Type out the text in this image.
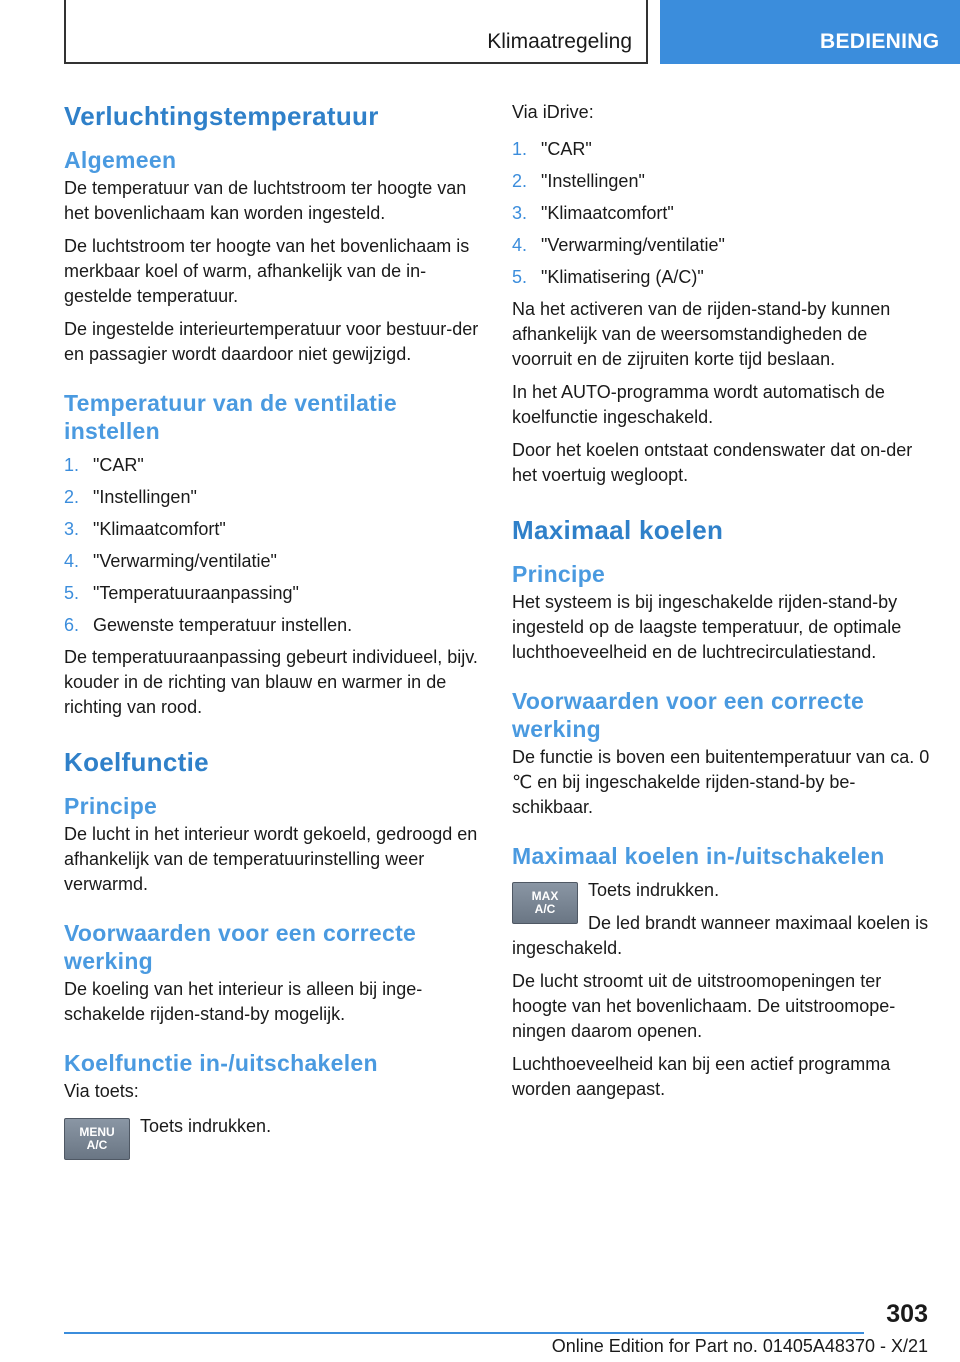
Klimaatregeling	BEDIENING
Verluchtingstemperatuur
Algemeen

De temperatuur van de luchtstroom ter hoogte van het bovenlichaam kan worden ingesteld.

De luchtstroom ter hoogte van het bovenlichaam is merkbaar koel of warm, afhankelijk van de in-gestelde temperatuur.

De ingestelde interieurtemperatuur voor bestuur-der en passagier wordt daardoor niet gewijzigd.

Temperatuur van de ventilatie instellen
1. "CAR"
2. "Instellingen"
3. "Klimaatcomfort"
4. "Verwarming/ventilatie"
5. "Temperatuuraanpassing"
6. Gewenste temperatuur instellen.

De temperatuuraanpassing gebeurt individueel, bijv. kouder in de richting van blauw en warmer in de richting van rood.

Koelfunctie
Principe

De lucht in het interieur wordt gekoeld, gedroogd en afhankelijk van de temperatuurinstelling weer verwarmd.

Voorwaarden voor een correcte werking

De koeling van het interieur is alleen bij inge-schakelde rijden-stand-by mogelijk.

Koelfunctie in-/uitschakelen

Via toets:

MENU
A/C

Toets indrukken.

Via iDrive:

1. "CAR"
2. "Instellingen"
3. "Klimaatcomfort"
4. "Verwarming/ventilatie"
5. "Klimatisering (A/C)"

Na het activeren van de rijden-stand-by kunnen afhankelijk van de weersomstandigheden de voorruit en de zijruiten korte tijd beslaan.

In het AUTO-programma wordt automatisch de koelfunctie ingeschakeld.

Door het koelen ontstaat condenswater dat on-der het voertuig wegloopt.

Maximaal koelen
Principe

Het systeem is bij ingeschakelde rijden-stand-by ingesteld op de laagste temperatuur, de optimale luchthoeveelheid en de luchtrecirculatiestand.

Voorwaarden voor een correcte werking

De functie is boven een buitentemperatuur van ca. 0 ℃ en bij ingeschakelde rijden-stand-by be-schikbaar.

Maximaal koelen in-/uitschakelen
MAX
A/C

Toets indrukken.

De led brandt wanneer maximaal koelen is ingeschakeld.

De lucht stroomt uit de uitstroomopeningen ter hoogte van het bovenlichaam. De uitstroomope-ningen daarom openen.

Luchthoeveelheid kan bij een actief programma worden aangepast.

303
Online Edition for Part no. 01405A48370 - X/21
